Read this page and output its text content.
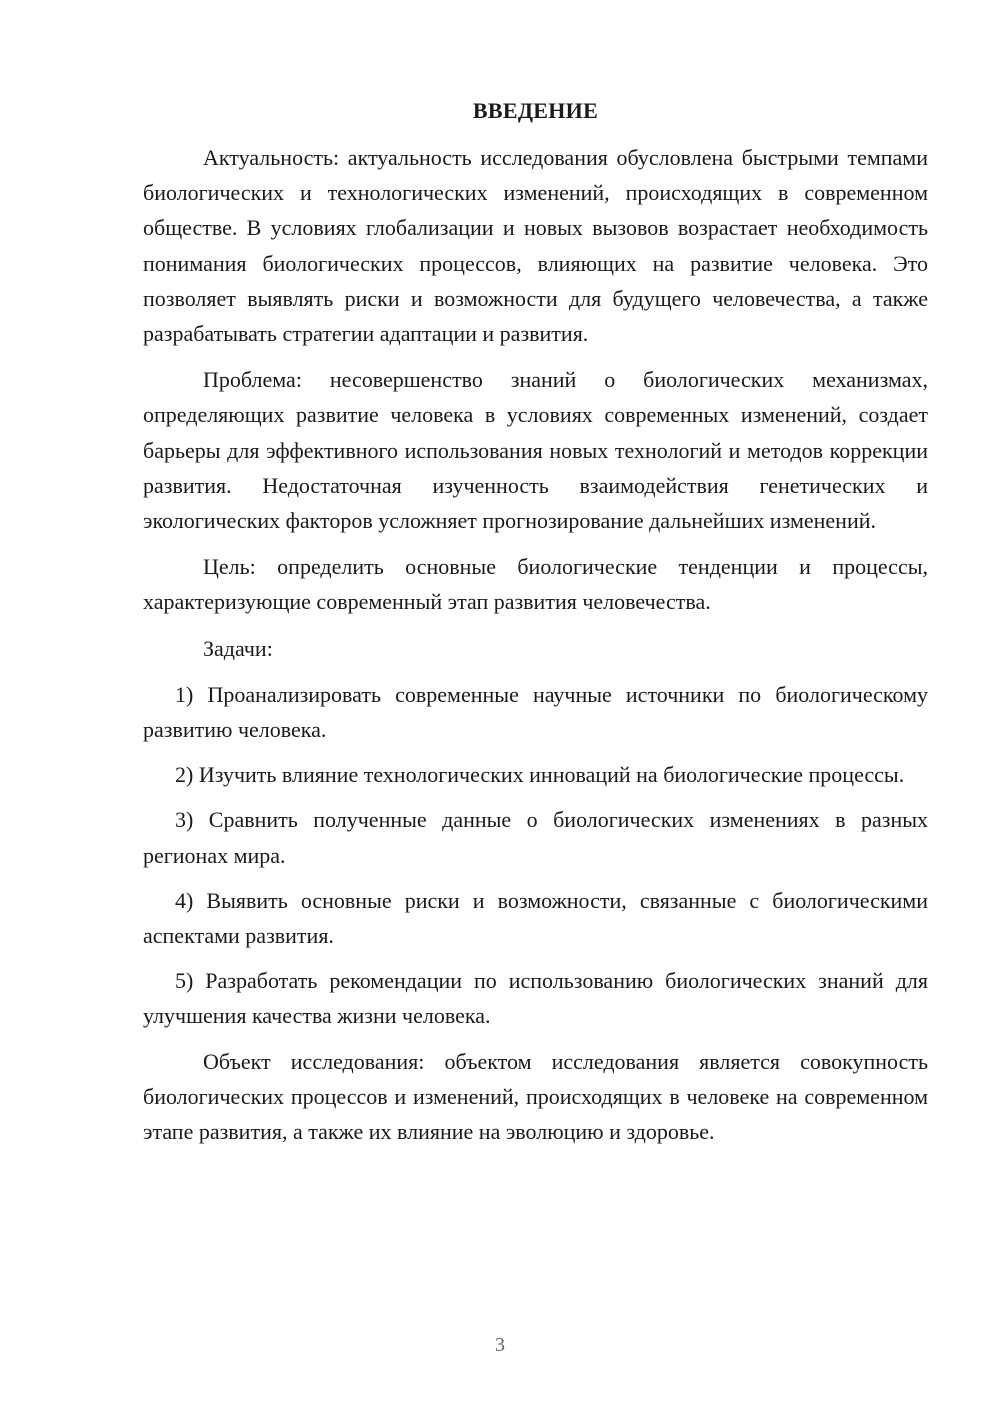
ВВЕДЕНИЕ

Актуальность: актуальность исследования обусловлена быстрыми темпами биологических и технологических изменений, происходящих в современном обществе. В условиях глобализации и новых вызовов возрастает необходимость понимания биологических процессов, влияющих на развитие человека. Это позволяет выявлять риски и возможности для будущего человечества, а также разрабатывать стратегии адаптации и развития.

Проблема: несовершенство знаний о биологических механизмах, определяющих развитие человека в условиях современных изменений, создает барьеры для эффективного использования новых технологий и методов коррекции развития. Недостаточная изученность взаимодействия генетических и экологических факторов усложняет прогнозирование дальнейших изменений.

Цель: определить основные биологические тенденции и процессы, характеризующие современный этап развития человечества.

Задачи:

1) Проанализировать современные научные источники по биологическому развитию человека.

2) Изучить влияние технологических инноваций на биологические процессы.

3) Сравнить полученные данные о биологических изменениях в разных регионах мира.

4) Выявить основные риски и возможности, связанные с биологическими аспектами развития.

5) Разработать рекомендации по использованию биологических знаний для улучшения качества жизни человека.

Объект исследования: объектом исследования является совокупность биологических процессов и изменений, происходящих в человеке на современном этапе развития, а также их влияние на эволюцию и здоровье.

3
